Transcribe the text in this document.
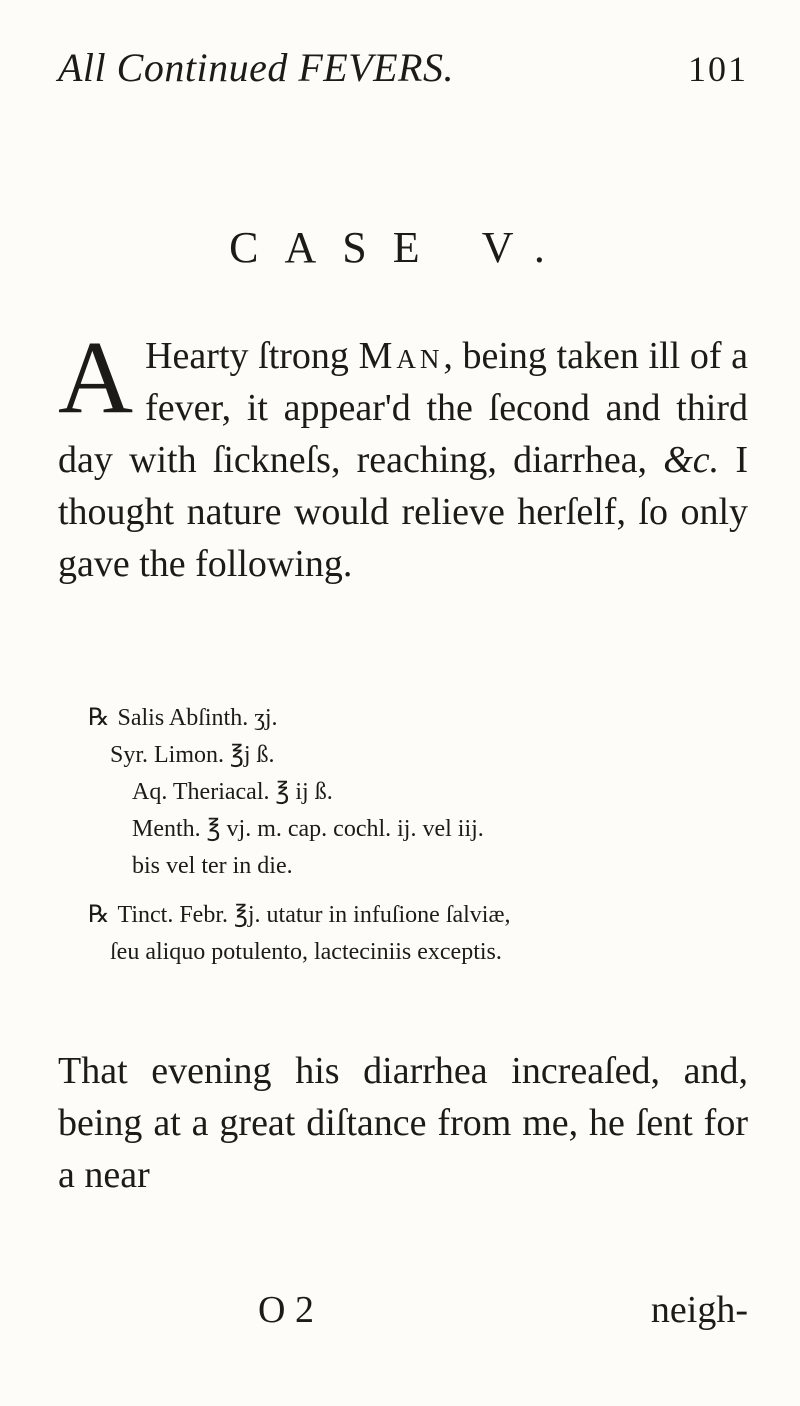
All Continued FEVERS.	101
CASE V.
A Hearty ſtrong Man, being taken ill of a fever, it appear'd the ſecond and third day with ſickneſs, reaching, diarrhea, &c. I thought nature would relieve herſelf, ſo only gave the following.
℞ Salis Abſinth. ʒj.
Syr. Limon. ℥j ß.
Aq. Theriacal. ℥ ij ß.
Menth. ℥ vj. m. cap. cochl. ij. vel iij.
bis vel ter in die.
℞ Tinct. Febr. ℥j. utatur in infuſione ſalviæ,
ſeu aliquo potulento, lacteciniis exceptis.
That evening his diarrhea increaſed, and, being at a great diſtance from me, he ſent for a near
O 2	neigh-
